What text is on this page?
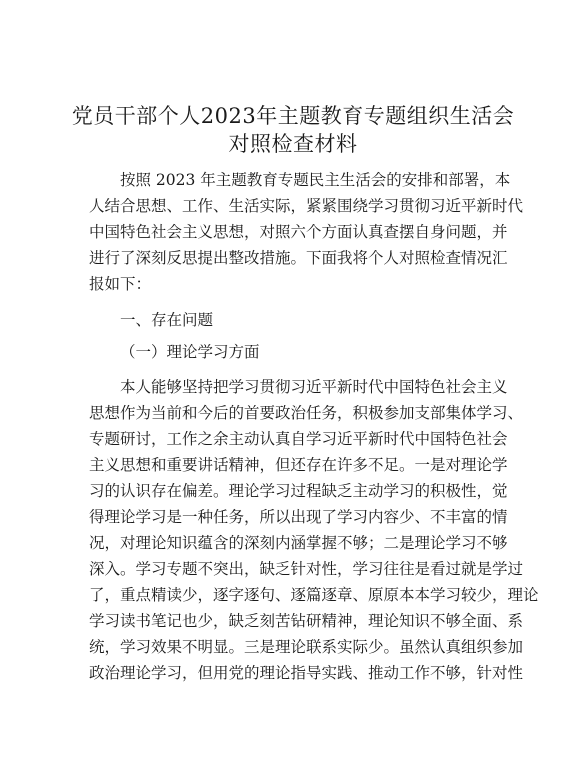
党员干部个人2023年主题教育专题组织生活会
对照检查材料
按照 2023 年主题教育专题民主生活会的安排和部署，本
人结合思想、工作、生活实际，紧紧围绕学习贯彻习近平新时代
中国特色社会主义思想，对照六个方面认真查摆自身问题，并
进行了深刻反思提出整改措施。下面我将个人对照检查情况汇
报如下：
一、存在问题
（一）理论学习方面
本人能够坚持把学习贯彻习近平新时代中国特色社会主义
思想作为当前和今后的首要政治任务，积极参加支部集体学习、
专题研讨，工作之余主动认真自学习近平新时代中国特色社会
主义思想和重要讲话精神，但还存在许多不足。一是对理论学
习的认识存在偏差。理论学习过程缺乏主动学习的积极性，觉
得理论学习是一种任务，所以出现了学习内容少、不丰富的情
况，对理论知识蕴含的深刻内涵掌握不够；二是理论学习不够
深入。学习专题不突出，缺乏针对性，学习往往是看过就是学过
了，重点精读少，逐字逐句、逐篇逐章、原原本本学习较少，理论
学习读书笔记也少，缺乏刻苦钻研精神，理论知识不够全面、系
统，学习效果不明显。三是理论联系实际少。虽然认真组织参加
政治理论学习，但用党的理论指导实践、推动工作不够，针对性
